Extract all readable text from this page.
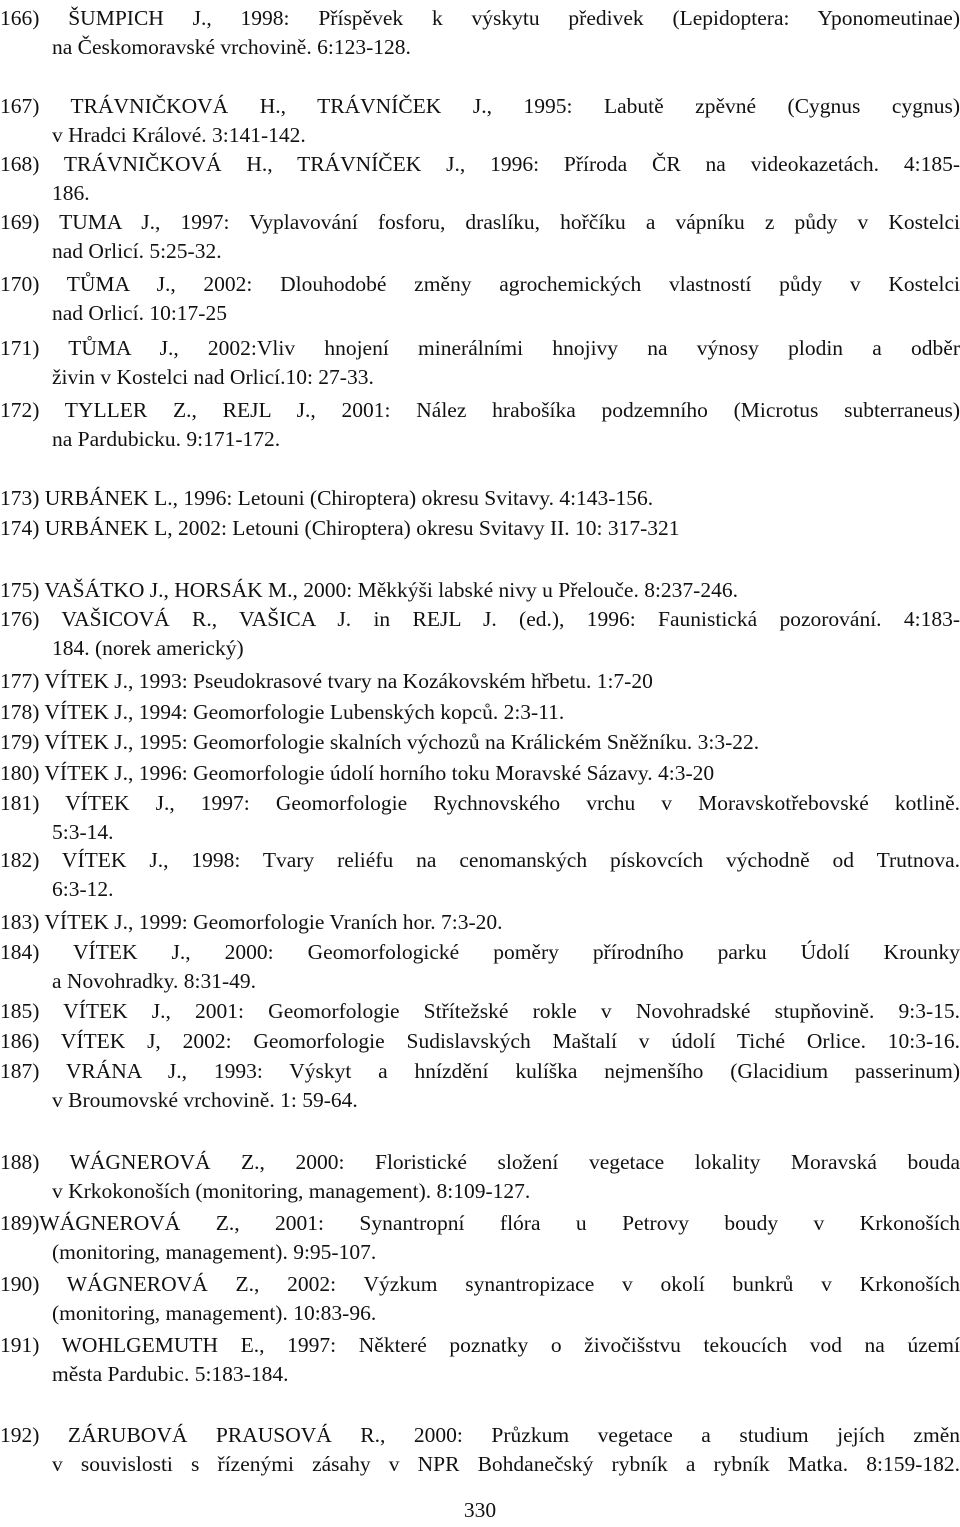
166) ŠUMPICH J., 1998: Příspěvek k výskytu předivek (Lepidoptera: Yponomeutinae)
na Českomoravské vrchovině. 6:123-128.
167) TRÁVNIČKOVÁ H., TRÁVNÍČEK J., 1995: Labutě zpěvné (Cygnus cygnus)
v Hradci Králové. 3:141-142.
168) TRÁVNIČKOVÁ H., TRÁVNÍČEK J., 1996: Příroda ČR na videokazetách. 4:185-
186.
169) TUMA J., 1997: Vyplavování fosforu, draslíku, hořčíku a vápníku z půdy v Kostelci
nad Orlicí. 5:25-32.
170) TŮMA J., 2002: Dlouhodobé změny agrochemických vlastností půdy v Kostelci
nad Orlicí. 10:17-25
171) TŮMA J., 2002:Vliv hnojení minerálními hnojivy na výnosy plodin a odběr
živin v Kostelci nad Orlicí.10: 27-33.
172) TYLLER Z., REJL J., 2001: Nález hrabošíka podzemního (Microtus subterraneus)
na Pardubicku. 9:171-172.
173) URBÁNEK L., 1996: Letouni (Chiroptera) okresu Svitavy. 4:143-156.
174) URBÁNEK L, 2002: Letouni (Chiroptera) okresu Svitavy II. 10: 317-321
175) VAŠÁTKO J., HORSÁK M., 2000: Měkkýši labské nivy u Přelouče. 8:237-246.
176) VAŠICOVÁ R., VAŠICA J. in REJL J. (ed.), 1996: Faunistická pozorování. 4:183-
184. (norek americký)
177) VÍTEK J., 1993: Pseudokrasové tvary na Kozákovském hřbetu. 1:7-20
178) VÍTEK J., 1994: Geomorfologie Lubenských kopců. 2:3-11.
179) VÍTEK J., 1995: Geomorfologie skalních výchozů na Králickém Sněžníku. 3:3-22.
180) VÍTEK J., 1996: Geomorfologie údolí horního toku Moravské Sázavy. 4:3-20
181) VÍTEK J., 1997: Geomorfologie Rychnovského vrchu v Moravskotřebovské kotlině.
5:3-14.
182) VÍTEK J., 1998: Tvary reliéfu na cenomanských pískovcích východně od Trutnova.
6:3-12.
183) VÍTEK J., 1999: Geomorfologie Vraních hor. 7:3-20.
184) VÍTEK J., 2000: Geomorfologické poměry přírodního parku Údolí Krounky
a Novohradky. 8:31-49.
185) VÍTEK J., 2001: Geomorfologie Střítežské rokle v Novohradské stupňovině. 9:3-15.
186) VÍTEK J, 2002: Geomorfologie Sudislavských Maštalí v údolí Tiché Orlice. 10:3-16.
187) VRÁNA J., 1993: Výskyt a hnízdění kulíška nejmenšího (Glacidium passerinum)
v Broumovské vrchovině. 1: 59-64.
188) WÁGNEROVÁ Z., 2000: Floristické složení vegetace lokality Moravská bouda
v Krkokonoších (monitoring, management). 8:109-127.
189)WÁGNEROVÁ Z., 2001: Synantropní flóra u Petrovy boudy v Krkonoších
(monitoring, management). 9:95-107.
190) WÁGNEROVÁ Z., 2002: Výzkum synantropizace v okolí bunkrů v Krkonoších
(monitoring, management). 10:83-96.
191) WOHLGEMUTH E., 1997: Některé poznatky o živočišstvu tekoucích vod na území
města Pardubic. 5:183-184.
192) ZÁRUBOVÁ PRAUSOVÁ R., 2000: Průzkum vegetace a studium jejích změn
v souvislosti s řízenými zásahy v NPR Bohdanečský rybník a rybník Matka. 8:159-182.
330
